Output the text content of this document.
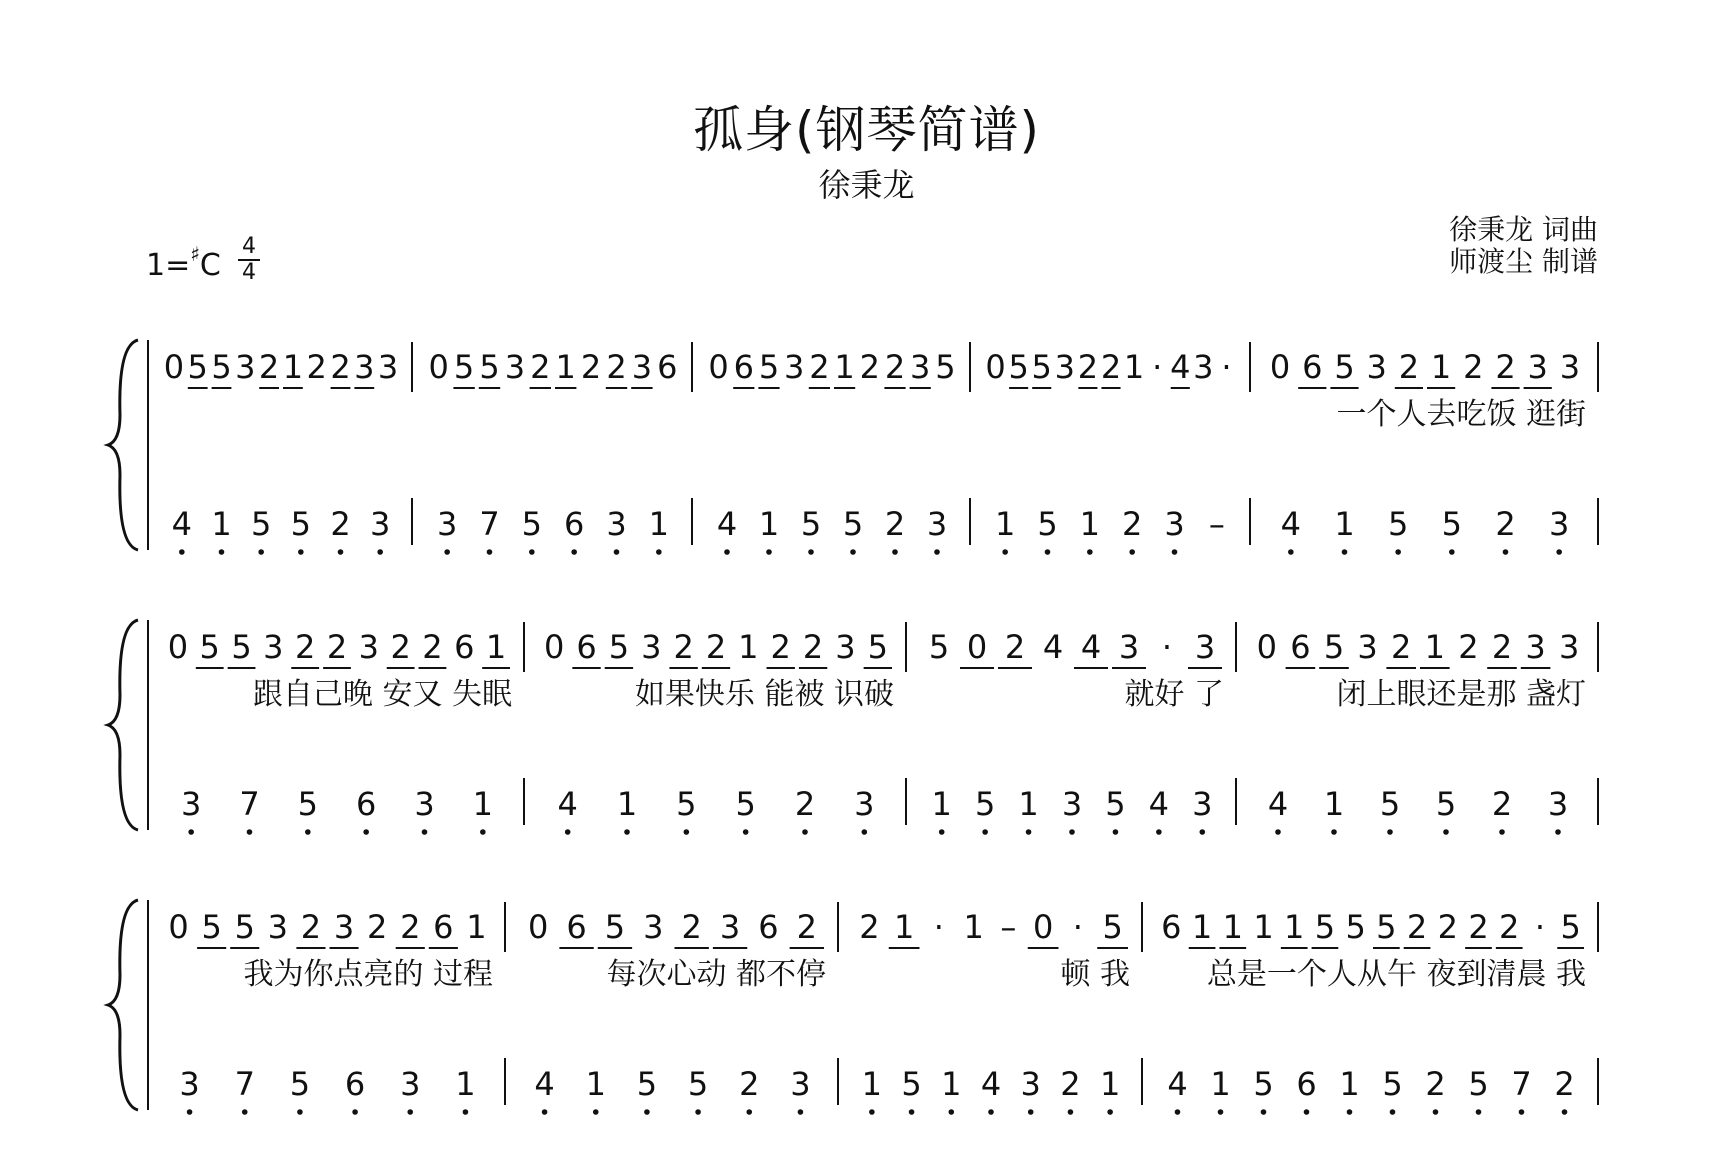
孤身(钢琴简谱)
徐秉龙
徐秉龙 词曲
师渡尘 制谱
1=♯C
4
4
0 5 5 3 2 1 2 2 3 3
4 1 5 5 2 3
0 5 5 3 2 1 2 2 3 6
3 7 5 6 3 1
0 6 5 3 2 1 2 2 3 5
4 1 5 5 2 3
0 5 5 3 2 2 1 · 4 3 ·
1 5 1 2 3 –
0 6 5 3 2 1 2 2 3 3
一个人去吃饭 逛街
4 1 5 5 2 3
0 5 5 3 2 2 3 2 2 6 1
跟自己晚 安又 失眠
3 7 5 6 3 1
0 6 5 3 2 2 1 2 2 3 5
如果快乐 能被 识破
4 1 5 5 2 3
5 0 2 4 4 3 · 3
就好 了
1 5 1 3 5 4 3
0 6 5 3 2 1 2 2 3 3
闭上眼还是那 盏灯
4 1 5 5 2 3
0 5 5 3 2 3 2 2 6 1
我为你点亮的 过程
3 7 5 6 3 1
0 6 5 3 2 3 6 2
每次心动 都不停
4 1 5 5 2 3
2 1 · 1 – 0 · 5
顿 我
1 5 1 4 3 2 1
6 1 1 1 1 5 5 5 2 2 2 2 · 5
总是一个人从午 夜到清晨 我
4 1 5 6 1 5 2 5 7 2
